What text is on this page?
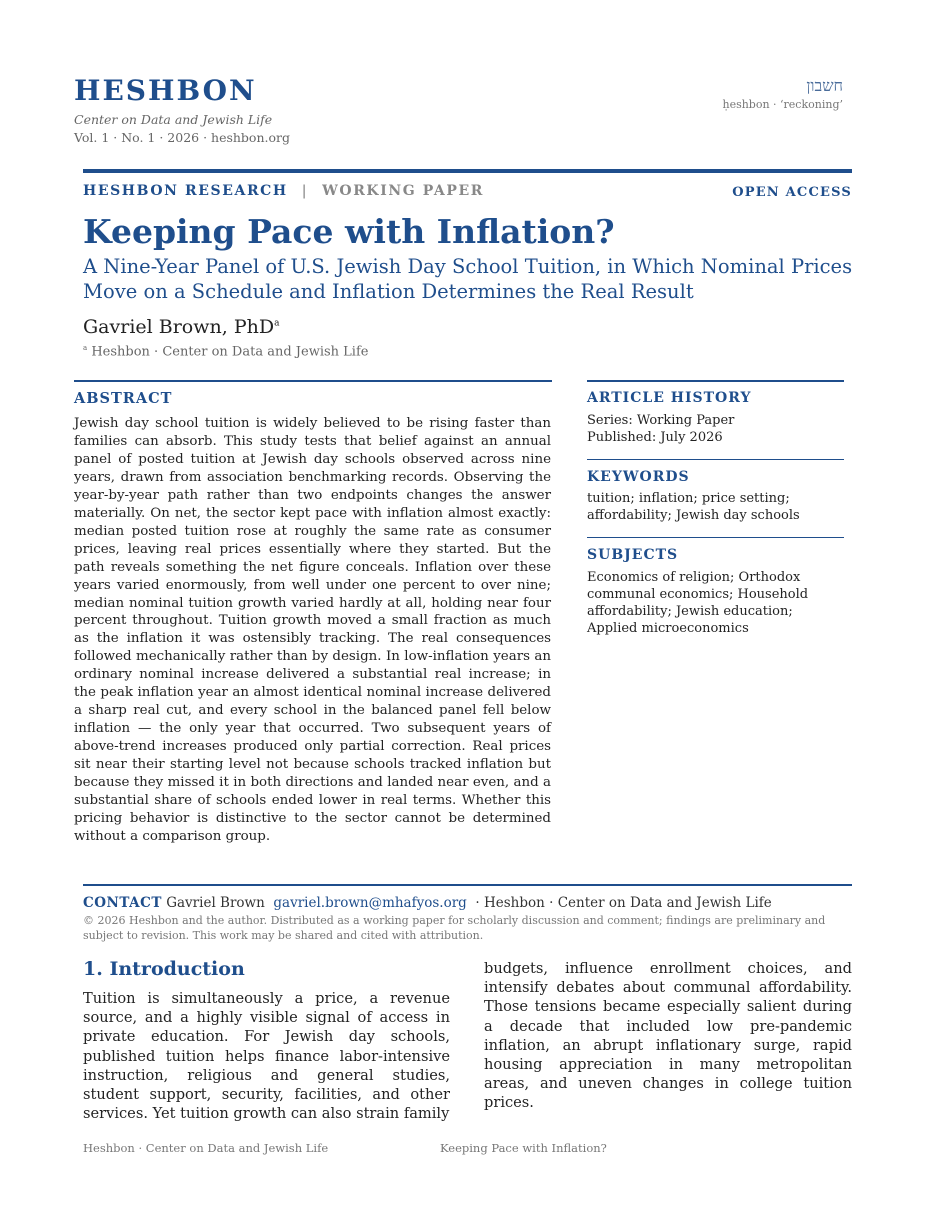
HESHBON
Center on Data and Jewish Life
Vol. 1 · No. 1 · 2026 · heshbon.org
חשבון
ḥeshbon · ‘reckoning’
HESHBON RESEARCH | WORKING PAPER	OPEN ACCESS
Keeping Pace with Inflation?
A Nine-Year Panel of U.S. Jewish Day School Tuition, in Which Nominal Prices Move on a Schedule and Inflation Determines the Real Result
Gavriel Brown, PhD$^a$
$^a$ Heshbon · Center on Data and Jewish Life
ABSTRACT
Jewish day school tuition is widely believed to be rising faster than families can absorb. This study tests that belief against an annual panel of posted tuition at Jewish day schools observed across nine years, drawn from association benchmarking records. Observing the year-by-year path rather than two endpoints changes the answer materially. On net, the sector kept pace with inflation almost exactly: median posted tuition rose at roughly the same rate as consumer prices, leaving real prices essentially where they started. But the path reveals something the net figure conceals. Inflation over these years varied enormously, from well under one percent to over nine; median nominal tuition growth varied hardly at all, holding near four percent throughout. Tuition growth moved a small fraction as much as the inflation it was ostensibly tracking. The real consequences followed mechanically rather than by design. In low-inflation years an ordinary nominal increase delivered a substantial real increase; in the peak inflation year an almost identical nominal increase delivered a sharp real cut, and every school in the balanced panel fell below inflation — the only year that occurred. Two subsequent years of above-trend increases produced only partial correction. Real prices sit near their starting level not because schools tracked inflation but because they missed it in both directions and landed near even, and a substantial share of schools ended lower in real terms. Whether this pricing behavior is distinctive to the sector cannot be determined without a comparison group.
ARTICLE HISTORY
Series: Working Paper
Published: July 2026
KEYWORDS
tuition; inflation; price setting; affordability; Jewish day schools
SUBJECTS
Economics of religion; Orthodox communal economics; Household affordability; Jewish education; Applied microeconomics
CONTACT Gavriel Brown gavriel.brown@mhafyos.org · Heshbon · Center on Data and Jewish Life
© 2026 Heshbon and the author. Distributed as a working paper for scholarly discussion and comment; findings are preliminary and subject to revision. This work may be shared and cited with attribution.
1. Introduction
Tuition is simultaneously a price, a revenue source, and a highly visible signal of access in private education. For Jewish day schools, published tuition helps finance labor-intensive instruction, religious and general studies, student support, security, facilities, and other services. Yet tuition growth can also strain family
budgets, influence enrollment choices, and intensify debates about communal affordability. Those tensions became especially salient during a decade that included low pre-pandemic inflation, an abrupt inflationary surge, rapid housing appreciation in many metropolitan areas, and uneven changes in college tuition prices.
Heshbon · Center on Data and Jewish Life	Keeping Pace with Inflation?
